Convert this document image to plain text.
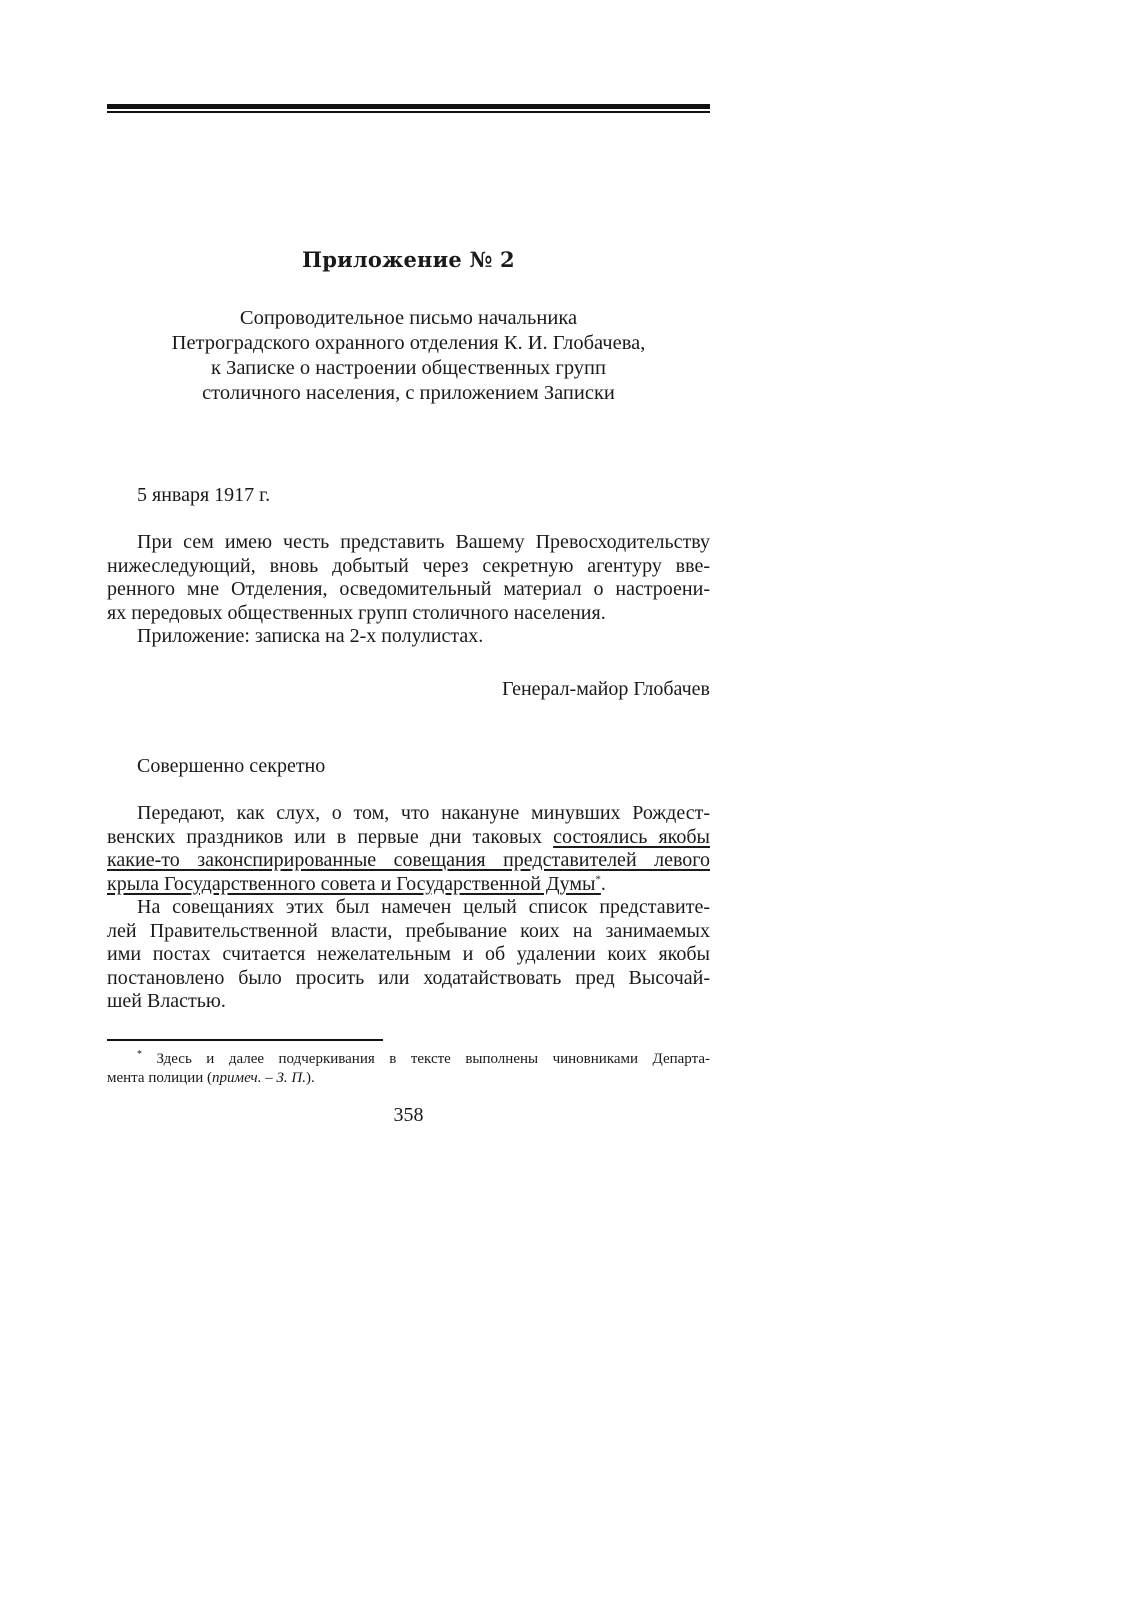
Приложение № 2
Сопроводительное письмо начальника
Петроградского охранного отделения К. И. Глобачева,
к Записке о настроении общественных групп
столичного населения, с приложением Записки
5 января 1917 г.
При сем имею честь представить Вашему Превосходительству
нижеследующий, вновь добытый через секретную агентуру вве-
ренного мне Отделения, осведомительный материал о настроени-
ях передовых общественных групп столичного населения.
Приложение: записка на 2-х полулистах.
Генерал-майор Глобачев
Совершенно секретно
Передают, как слух, о том, что накануне минувших Рождест-
венских праздников или в первые дни таковых состоялись якобы
какие-то законспирированные совещания представителей левого
крыла Государственного совета и Государственной Думы*.
На совещаниях этих был намечен целый список представите-
лей Правительственной власти, пребывание коих на занимаемых
ими постах считается нежелательным и об удалении коих якобы
постановлено было просить или ходатайствовать пред Высочай-
шей Властью.
* Здесь и далее подчеркивания в тексте выполнены чиновниками Департа-
мента полиции (примеч. – З. П.).
358
